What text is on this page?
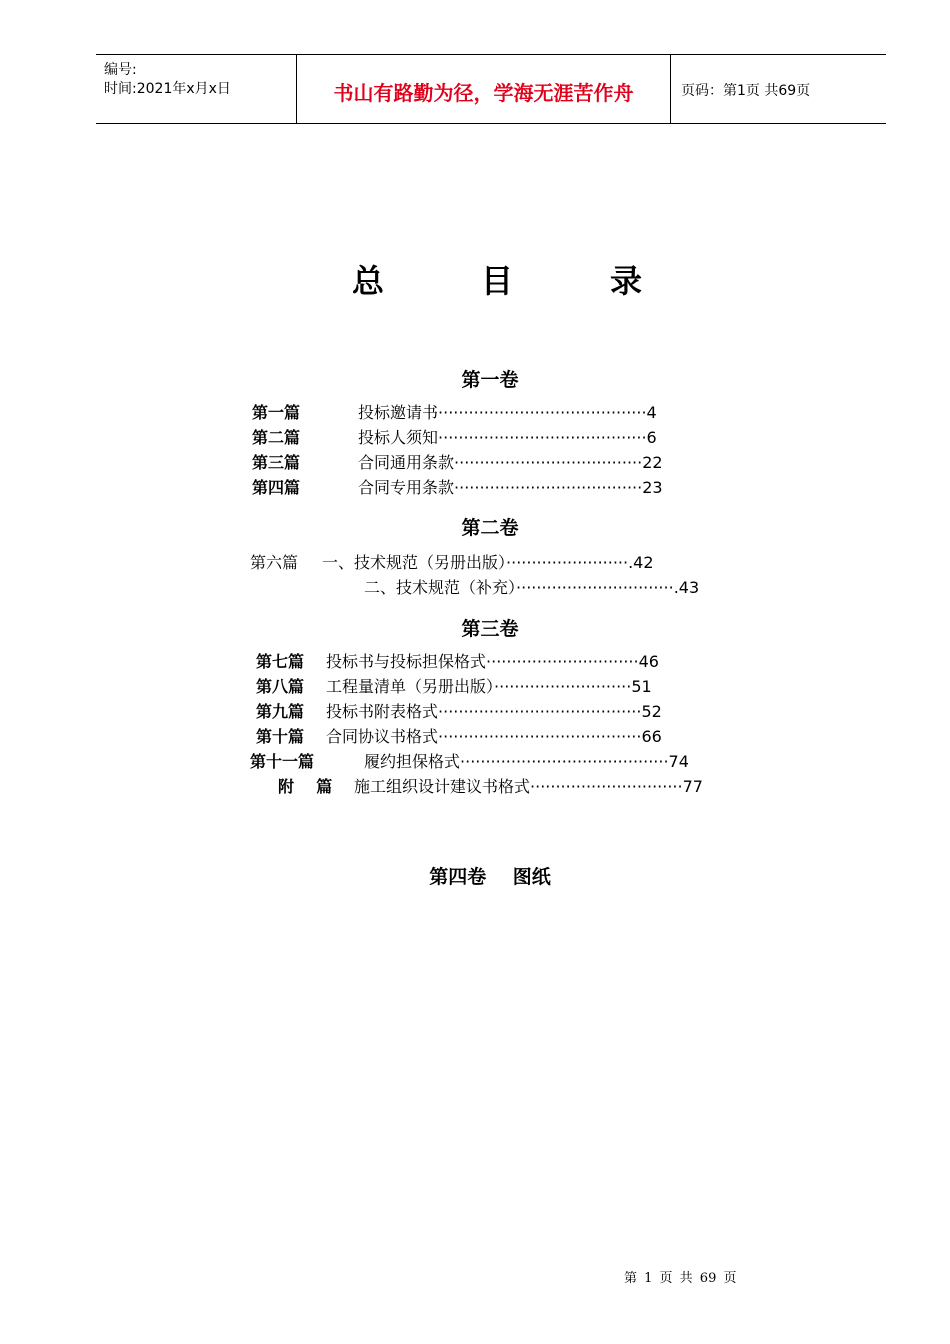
编号:
时间:2021年x月x日	书山有路勤为径，学海无涯苦作舟	页码：第1页 共69页
总	目	录
第一卷
第一篇	投标邀请书·········································4
第二篇	投标人须知·········································6
第三篇	合同通用条款·····································22
第四篇	合同专用条款·····································23
第二卷
第六篇 一、技术规范（另册出版）························.42
二、技术规范（补充）·······························.43
第三卷
第七篇 投标书与投标担保格式······························46
第八篇 工程量清单（另册出版）···························51
第九篇 投标书附表格式········································52
第十篇 合同协议书格式········································66
第十一篇	履约担保格式·········································74
附    篇 施工组织设计建议书格式······························77
第四卷    图纸
第 1 页 共 69 页
